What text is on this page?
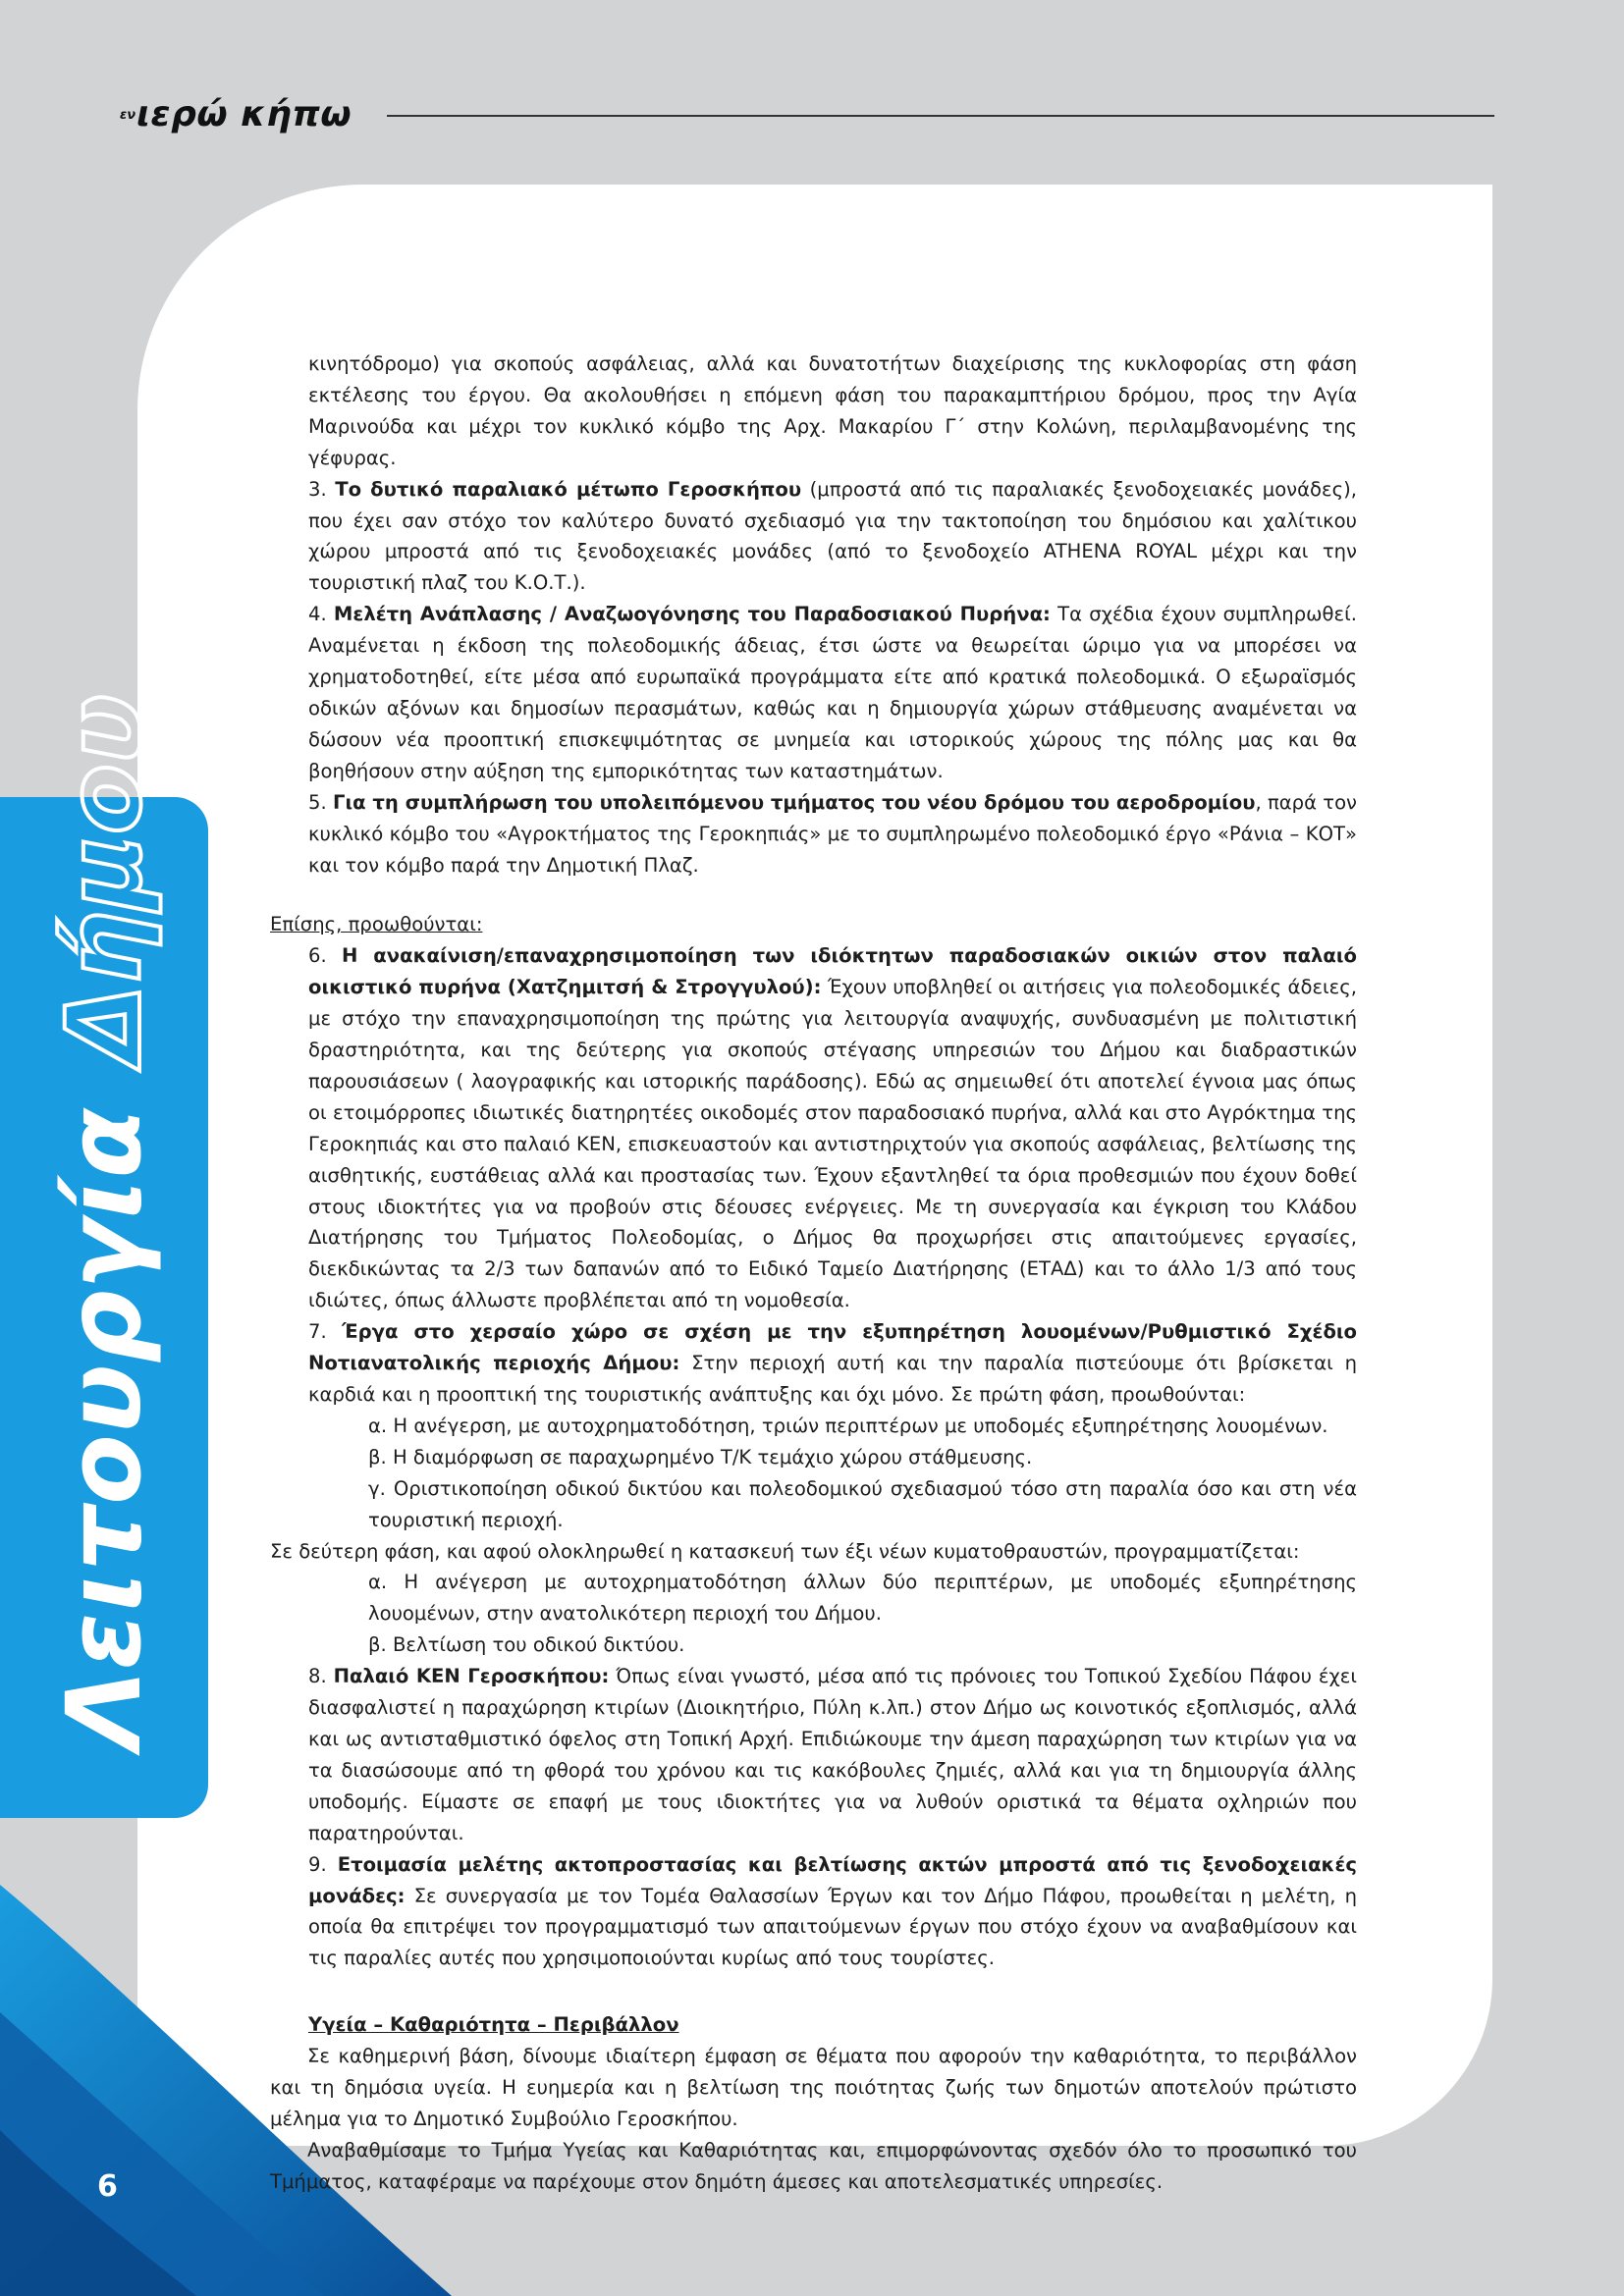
εν ιερώ κήπω
Λειτουργία
Δήμου
6

κινητόδρομο) για σκοπούς ασφάλειας, αλλά και δυνατοτήτων διαχείρισης της κυκλοφορίας στη φάση εκτέλεσης του έργου. Θα ακολουθήσει η επόμενη φάση του παρακαμπτήριου δρόμου, προς την Αγία Μαρινούδα και μέχρι τον κυκλικό κόμβο της Αρχ. Μακαρίου Γ΄ στην Κολώνη, περιλαμβανομένης της γέφυρας.

3. Το δυτικό παραλιακό μέτωπο Γεροσκήπου (μπροστά από τις παραλιακές ξενοδοχειακές μονάδες), που έχει σαν στόχο τον καλύτερο δυνατό σχεδιασμό για την τακτοποίηση του δημόσιου και χαλίτικου χώρου μπροστά από τις ξενοδοχειακές μονάδες (από το ξενοδοχείο ATHENA ROYAL μέχρι και την τουριστική πλαζ του Κ.Ο.Τ.).

4. Μελέτη Ανάπλασης / Αναζωογόνησης του Παραδοσιακού Πυρήνα: Τα σχέδια έχουν συμπληρωθεί. Αναμένεται η έκδοση της πολεοδομικής άδειας, έτσι ώστε να θεωρείται ώριμο για να μπορέσει να χρηματοδοτηθεί, είτε μέσα από ευρωπαϊκά προγράμματα είτε από κρατικά πολεοδομικά. Ο εξωραϊσμός οδικών αξόνων και δημοσίων περασμάτων, καθώς και η δημιουργία χώρων στάθμευσης αναμένεται να δώσουν νέα προοπτική επισκεψιμότητας σε μνημεία και ιστορικούς χώρους της πόλης μας και θα βοηθήσουν στην αύξηση της εμπορικότητας των καταστημάτων.

5. Για τη συμπλήρωση του υπολειπόμενου τμήματος του νέου δρόμου του αεροδρομίου, παρά τον κυκλικό κόμβο του «Αγροκτήματος της Γεροκηπιάς» με το συμπληρωμένο πολεοδομικό έργο «Ράνια – ΚΟΤ» και τον κόμβο παρά την Δημοτική Πλαζ.

Επίσης, προωθούνται:

6. Η ανακαίνιση/επαναχρησιμοποίηση των ιδιόκτητων παραδοσιακών οικιών στον παλαιό οικιστικό πυρήνα (Χατζημιτσή & Στρογγυλού): Έχουν υποβληθεί οι αιτήσεις για πολεοδομικές άδειες, με στόχο την επαναχρησιμοποίηση της πρώτης για λειτουργία αναψυχής, συνδυασμένη με πολιτιστική δραστηριότητα, και της δεύτερης για σκοπούς στέγασης υπηρεσιών του Δήμου και διαδραστικών παρουσιάσεων ( λαογραφικής και ιστορικής παράδοσης). Εδώ ας σημειωθεί ότι αποτελεί έγνοια μας όπως οι ετοιμόρροπες ιδιωτικές διατηρητέες οικοδομές στον παραδοσιακό πυρήνα, αλλά και στο Αγρόκτημα της Γεροκηπιάς και στο παλαιό ΚΕΝ, επισκευαστούν και αντιστηριχτούν για σκοπούς ασφάλειας, βελτίωσης της αισθητικής, ευστάθειας αλλά και προστασίας των. Έχουν εξαντληθεί τα όρια προθεσμιών που έχουν δοθεί στους ιδιοκτήτες για να προβούν στις δέουσες ενέργειες. Με τη συνεργασία και έγκριση του Κλάδου Διατήρησης του Τμήματος Πολεοδομίας, ο Δήμος θα προχωρήσει στις απαιτούμενες εργασίες, διεκδικώντας τα 2/3 των δαπανών από το Ειδικό Ταμείο Διατήρησης (ΕΤΑΔ) και το άλλο 1/3 από τους ιδιώτες, όπως άλλωστε προβλέπεται από τη νομοθεσία.

7. Έργα στο χερσαίο χώρο σε σχέση με την εξυπηρέτηση λουομένων/Ρυθμιστικό Σχέδιο Νοτιανατολικής περιοχής Δήμου: Στην περιοχή αυτή και την παραλία πιστεύουμε ότι βρίσκεται η καρδιά και η προοπτική της τουριστικής ανάπτυξης και όχι μόνο. Σε πρώτη φάση, προωθούνται:

α. Η ανέγερση, με αυτοχρηματοδότηση, τριών περιπτέρων με υποδομές εξυπηρέτησης λουομένων.

β. Η διαμόρφωση σε παραχωρημένο Τ/Κ τεμάχιο χώρου στάθμευσης.

γ. Οριστικοποίηση οδικού δικτύου και πολεοδομικού σχεδιασμού τόσο στη παραλία όσο και στη νέα τουριστική περιοχή.

Σε δεύτερη φάση, και αφού ολοκληρωθεί η κατασκευή των έξι νέων κυματοθραυστών, προγραμματίζεται:

α. Η ανέγερση με αυτοχρηματοδότηση άλλων δύο περιπτέρων, με υποδομές εξυπηρέτησης λουομένων, στην ανατολικότερη περιοχή του Δήμου.

β. Βελτίωση του οδικού δικτύου.

8. Παλαιό ΚΕΝ Γεροσκήπου: Όπως είναι γνωστό, μέσα από τις πρόνοιες του Τοπικού Σχεδίου Πάφου έχει διασφαλιστεί η παραχώρηση κτιρίων (Διοικητήριο, Πύλη κ.λπ.) στον Δήμο ως κοινοτικός εξοπλισμός, αλλά και ως αντισταθμιστικό όφελος στη Τοπική Αρχή. Επιδιώκουμε την άμεση παραχώρηση των κτιρίων για να τα διασώσουμε από τη φθορά του χρόνου και τις κακόβουλες ζημιές, αλλά και για τη δημιουργία άλλης υποδομής. Είμαστε σε επαφή με τους ιδιοκτήτες για να λυθούν οριστικά τα θέματα οχληριών που παρατηρούνται.

9. Ετοιμασία μελέτης ακτοπροστασίας και βελτίωσης ακτών μπροστά από τις ξενοδοχειακές μονάδες: Σε συνεργασία με τον Τομέα Θαλασσίων Έργων και τον Δήμο Πάφου, προωθείται η μελέτη, η οποία θα επιτρέψει τον προγραμματισμό των απαιτούμενων έργων που στόχο έχουν να αναβαθμίσουν και τις παραλίες αυτές που χρησιμοποιούνται κυρίως από τους τουρίστες.

Υγεία – Καθαριότητα – Περιβάλλον

Σε καθημερινή βάση, δίνουμε ιδιαίτερη έμφαση σε θέματα που αφορούν την καθαριότητα, το περιβάλλον και τη δημόσια υγεία. Η ευημερία και η βελτίωση της ποιότητας ζωής των δημοτών αποτελούν πρώτιστο μέλημα για το Δημοτικό Συμβούλιο Γεροσκήπου.

Αναβαθμίσαμε το Τμήμα Υγείας και Καθαριότητας και, επιμορφώνοντας σχεδόν όλο το προσωπικό του Τμήματος, καταφέραμε να παρέχουμε στον δημότη άμεσες και αποτελεσματικές υπηρεσίες.
